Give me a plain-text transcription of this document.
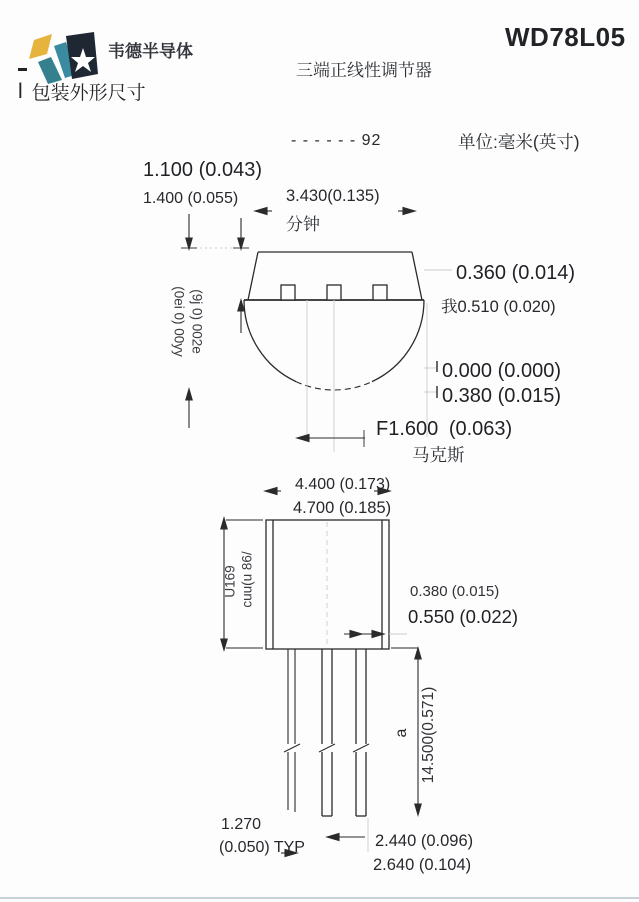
韦德半导体	WD78L05
三端正线性调节器
l 包装外形尺寸
- - - - - - 92	单位:毫米(英寸)
1.100 (0.043)
1.400 (0.055)	3.430(0.135)
分钟
0.360 (0.014)
我0.510 (0.020)
(0ei 0) 00yy (9j 0) 002e
0.000 (0.000)
0.380 (0.015)
F1.600 (0.063)
马克斯
4.400 (0.173)
4.700 (0.185)
U169 cuu(u 86/	0.380 (0.015)
0.550 (0.022)
a 14.500(0.571)
1.270
(0.050) TYP	2.440 (0.096)
2.640 (0.104)
